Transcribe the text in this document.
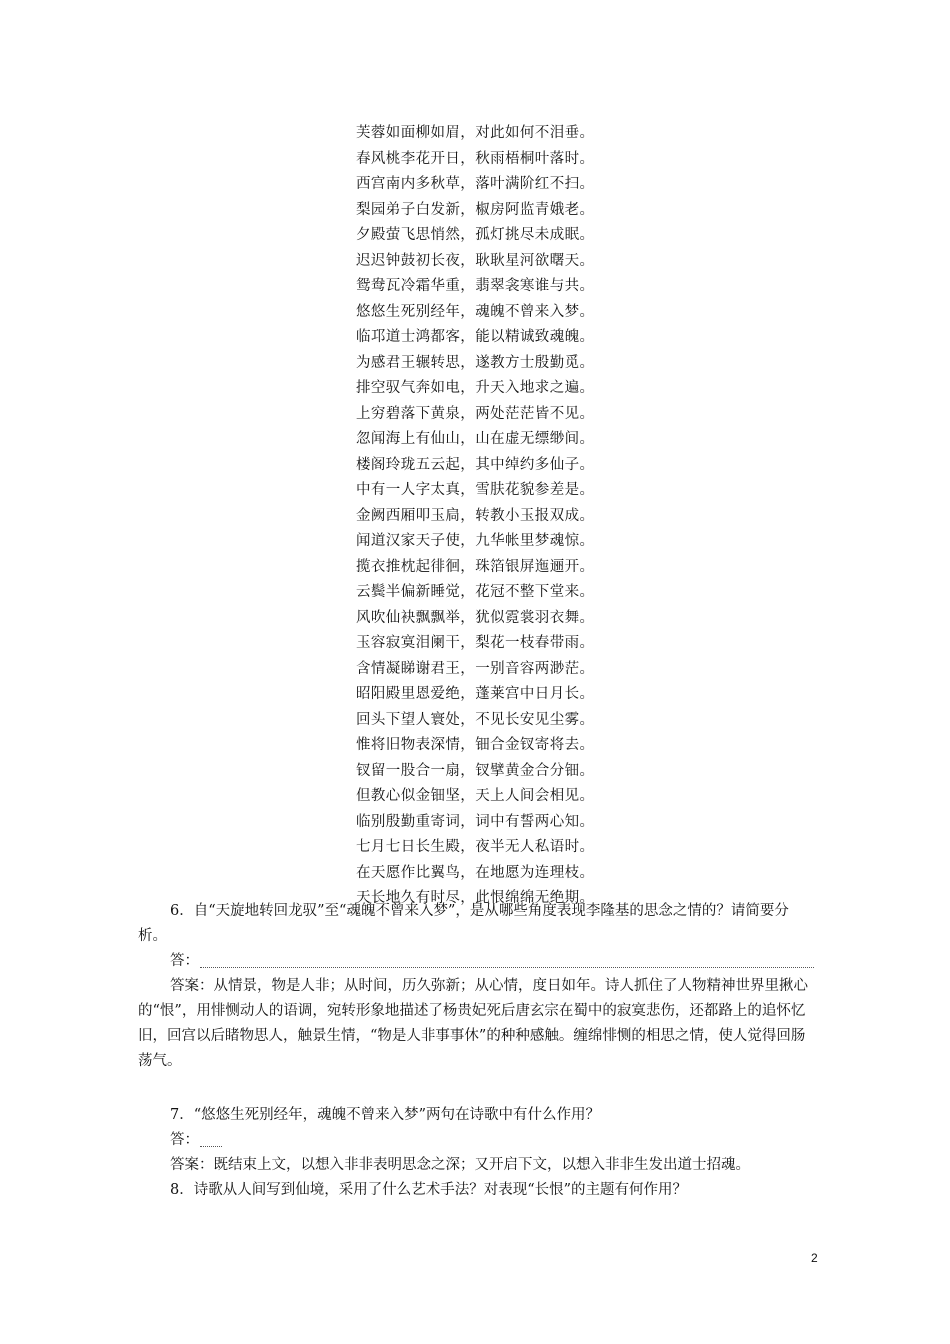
芙蓉如面柳如眉，对此如何不泪垂。
春风桃李花开日，秋雨梧桐叶落时。
西宫南内多秋草，落叶满阶红不扫。
梨园弟子白发新，椒房阿监青娥老。
夕殿萤飞思悄然，孤灯挑尽未成眠。
迟迟钟鼓初长夜，耿耿星河欲曙天。
鸳鸯瓦冷霜华重，翡翠衾寒谁与共。
悠悠生死别经年，魂魄不曾来入梦。
临邛道士鸿都客，能以精诚致魂魄。
为感君王辗转思，遂教方士殷勤觅。
排空驭气奔如电，升天入地求之遍。
上穷碧落下黄泉，两处茫茫皆不见。
忽闻海上有仙山，山在虚无缥缈间。
楼阁玲珑五云起，其中绰约多仙子。
中有一人字太真，雪肤花貌参差是。
金阙西厢叩玉扃，转教小玉报双成。
闻道汉家天子使，九华帐里梦魂惊。
揽衣推枕起徘徊，珠箔银屏迤逦开。
云鬓半偏新睡觉，花冠不整下堂来。
风吹仙袂飘飘举，犹似霓裳羽衣舞。
玉容寂寞泪阑干，梨花一枝春带雨。
含情凝睇谢君王，一别音容两渺茫。
昭阳殿里恩爱绝，蓬莱宫中日月长。
回头下望人寰处，不见长安见尘雾。
惟将旧物表深情，钿合金钗寄将去。
钗留一股合一扇，钗擘黄金合分钿。
但教心似金钿坚，天上人间会相见。
临别殷勤重寄词，词中有誓两心知。
七月七日长生殿，夜半无人私语时。
在天愿作比翼鸟，在地愿为连理枝。
天长地久有时尽，此恨绵绵无绝期。
6．自“天旋地转回龙驭”至“魂魄不曾来入梦”，是从哪些角度表现李隆基的思念之情的？请简要分析。
答：
答案：从情景，物是人非；从时间，历久弥新；从心情，度日如年。诗人抓住了人物精神世界里揪心的“恨”，用悱恻动人的语调，宛转形象地描述了杨贵妃死后唐玄宗在蜀中的寂寞悲伤，还都路上的追怀忆旧，回宫以后睹物思人，触景生情，“物是人非事事休”的种种感触。缠绵悱恻的相思之情，使人觉得回肠荡气。
7．“悠悠生死别经年，魂魄不曾来入梦”两句在诗歌中有什么作用？
答：
答案：既结束上文，以想入非非表明思念之深；又开启下文，以想入非非生发出道士招魂。
8．诗歌从人间写到仙境，采用了什么艺术手法？对表现“长恨”的主题有何作用？
2
